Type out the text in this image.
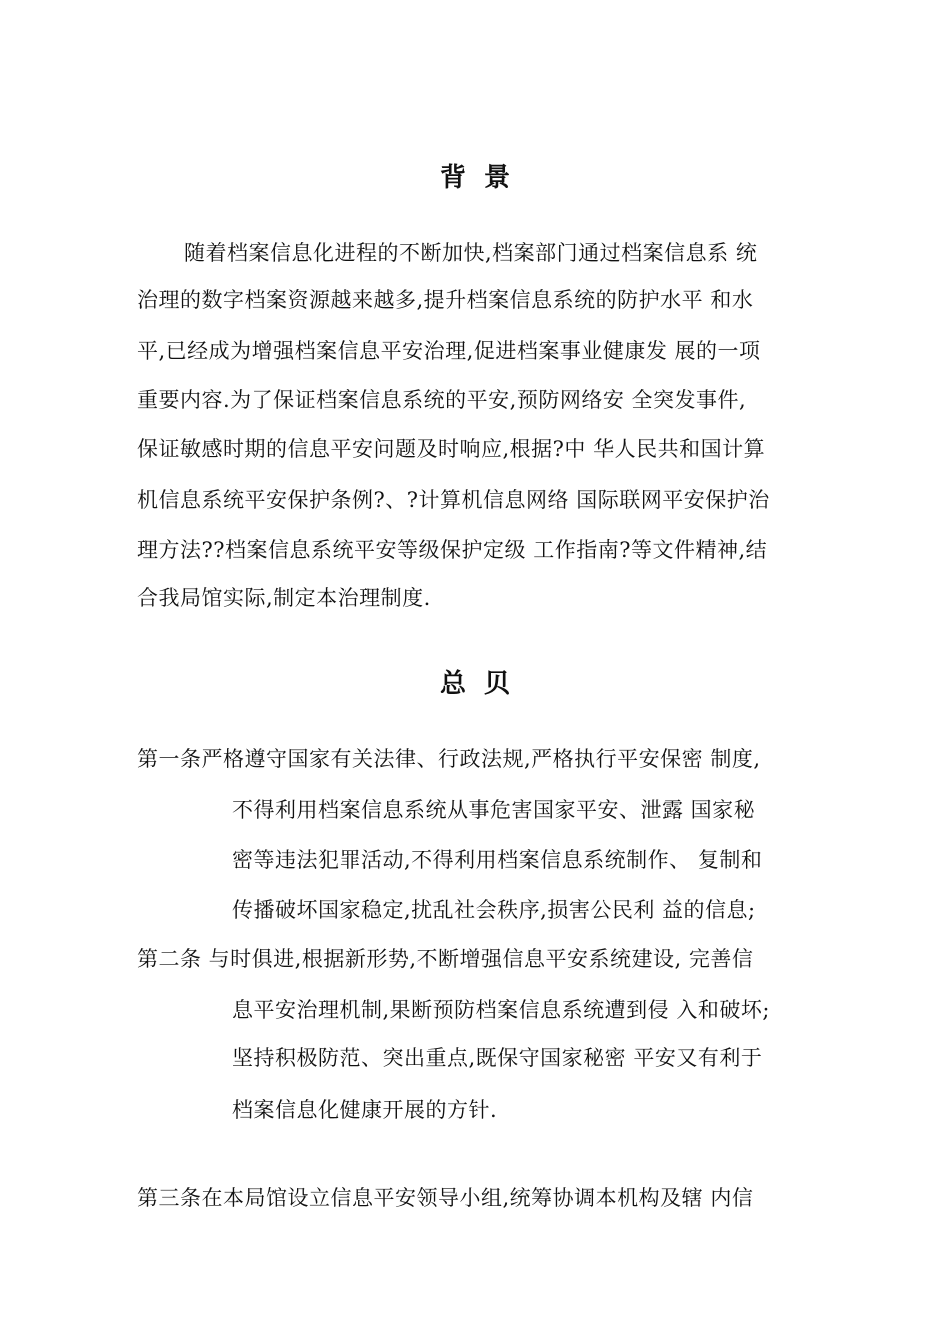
背景
随着档案信息化进程的不断加快,档案部门通过档案信息系 统
治理的数字档案资源越来越多,提升档案信息系统的防护水平 和水
平,已经成为增强档案信息平安治理,促进档案事业健康发 展的一项
重要内容.为了保证档案信息系统的平安,预防网络安 全突发事件,
保证敏感时期的信息平安问题及时响应,根据?中 华人民共和国计算
机信息系统平安保护条例?、?计算机信息网络 国际联网平安保护治
理方法??档案信息系统平安等级保护定级 工作指南?等文件精神,结
合我局馆实际,制定本治理制度.
总贝
第一条严格遵守国家有关法律、行政法规,严格执行平安保密 制度,
不得利用档案信息系统从事危害国家平安、泄露 国家秘
密等违法犯罪活动,不得利用档案信息系统制作、 复制和
传播破坏国家稳定,扰乱社会秩序,损害公民利 益的信息;
第二条 与时俱进,根据新形势,不断增强信息平安系统建设, 完善信
息平安治理机制,果断预防档案信息系统遭到侵 入和破坏;
坚持积极防范、突出重点,既保守国家秘密 平安又有利于
档案信息化健康开展的方针.
第三条在本局馆设立信息平安领导小组,统筹协调本机构及辖 内信
